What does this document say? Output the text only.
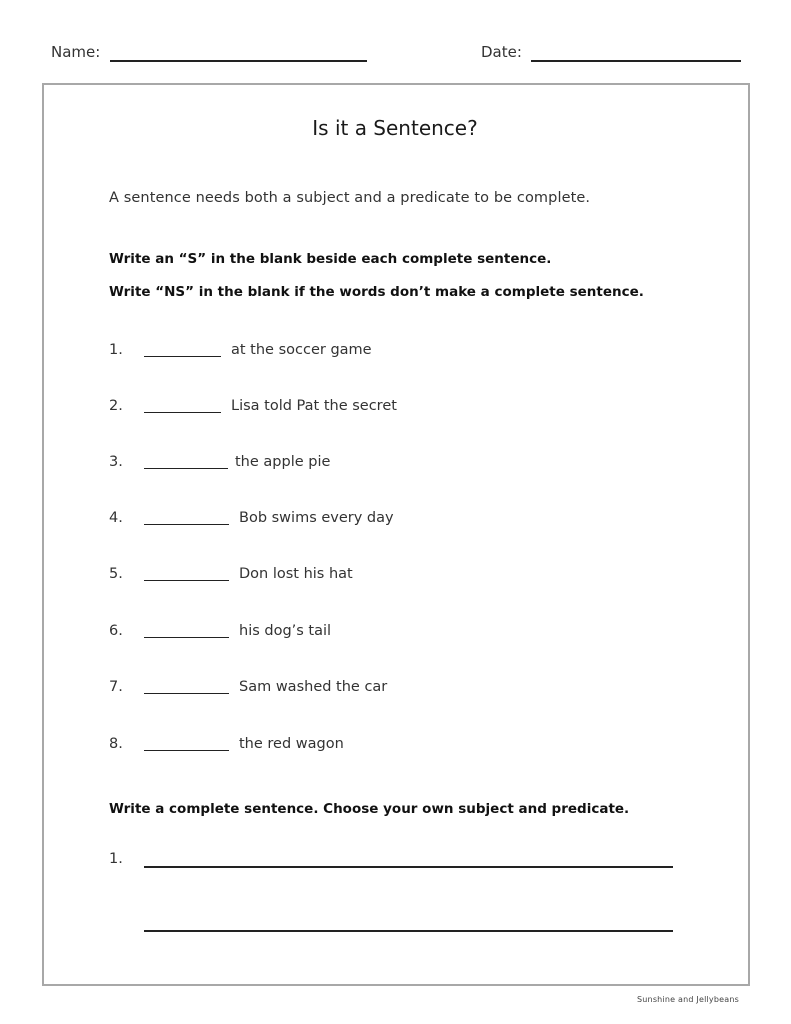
Name:	Date:
Is it a Sentence?
A sentence needs both a subject and a predicate to be complete.
Write an “S” in the blank beside each complete sentence.
Write “NS” in the blank if the words don’t make a complete sentence.
1.	at the soccer game
2.	Lisa told Pat the secret
3.	the apple pie
4.	Bob swims every day
5.	Don lost his hat
6.	his dog’s tail
7.	Sam washed the car
8.	the red wagon
Write a complete sentence. Choose your own subject and predicate.
1.
Sunshine and Jellybeans
